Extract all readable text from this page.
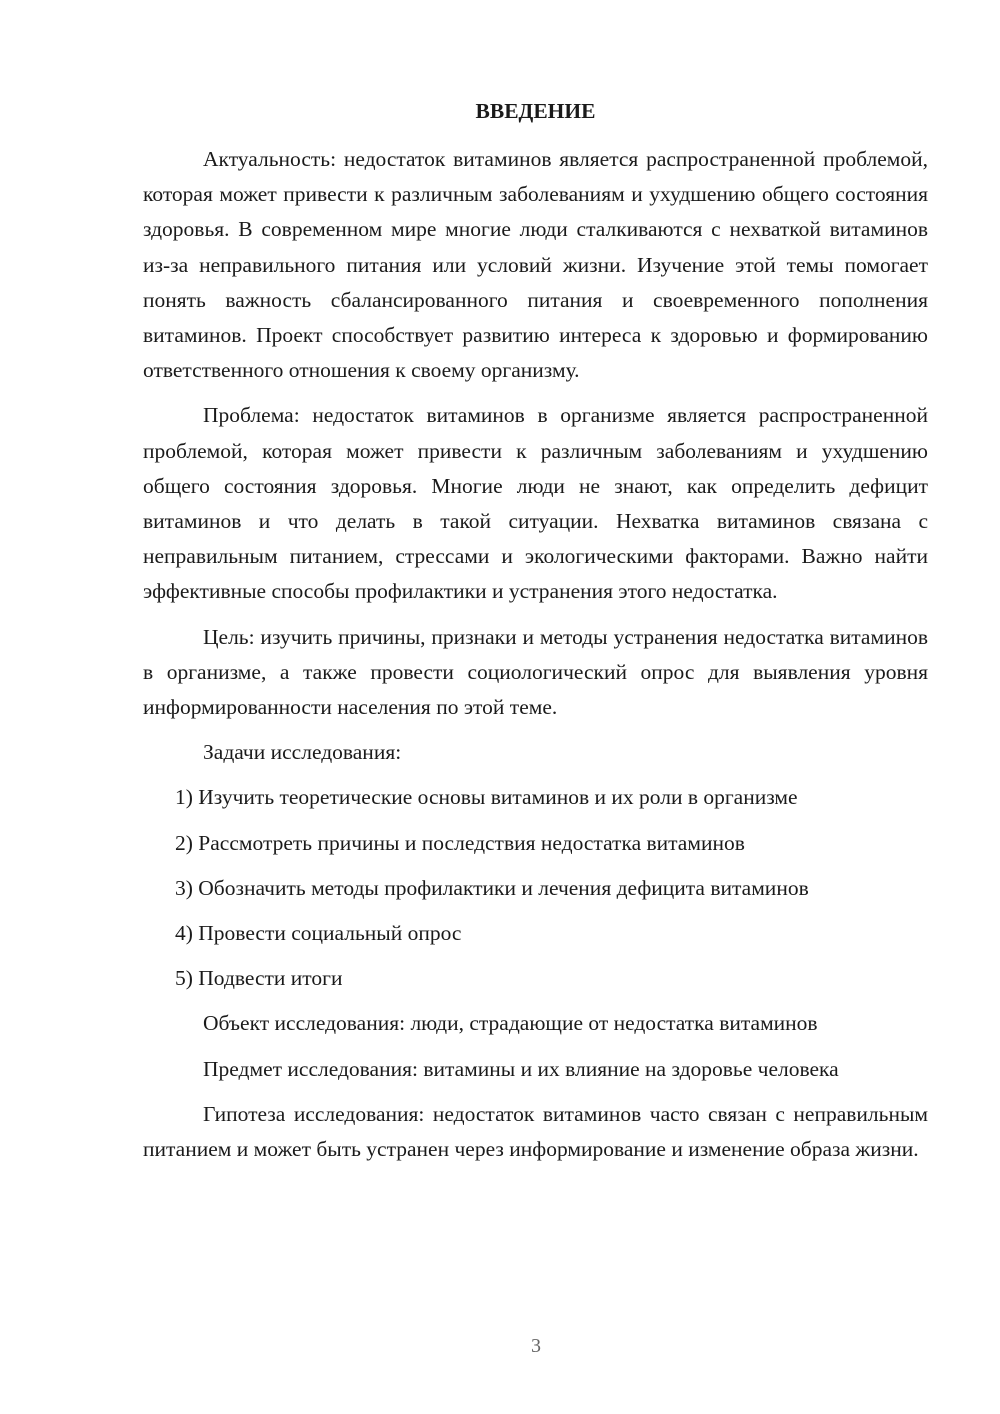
ВВЕДЕНИЕ

Актуальность: недостаток витаминов является распространенной проблемой, которая может привести к различным заболеваниям и ухудшению общего состояния здоровья. В современном мире многие люди сталкиваются с нехваткой витаминов из-за неправильного питания или условий жизни. Изучение этой темы помогает понять важность сбалансированного питания и своевременного пополнения витаминов. Проект способствует развитию интереса к здоровью и формированию ответственного отношения к своему организму.

Проблема: недостаток витаминов в организме является распространенной проблемой, которая может привести к различным заболеваниям и ухудшению общего состояния здоровья. Многие люди не знают, как определить дефицит витаминов и что делать в такой ситуации. Нехватка витаминов связана с неправильным питанием, стрессами и экологическими факторами. Важно найти эффективные способы профилактики и устранения этого недостатка.

Цель: изучить причины, признаки и методы устранения недостатка витаминов в организме, а также провести социологический опрос для выявления уровня информированности населения по этой теме.

Задачи исследования:

1) Изучить теоретические основы витаминов и их роли в организме
2) Рассмотреть причины и последствия недостатка витаминов
3) Обозначить методы профилактики и лечения дефицита витаминов
4) Провести социальный опрос
5) Подвести итоги

Объект исследования: люди, страдающие от недостатка витаминов

Предмет исследования: витамины и их влияние на здоровье человека

Гипотеза исследования: недостаток витаминов часто связан с неправильным питанием и может быть устранен через информирование и изменение образа жизни.

3
